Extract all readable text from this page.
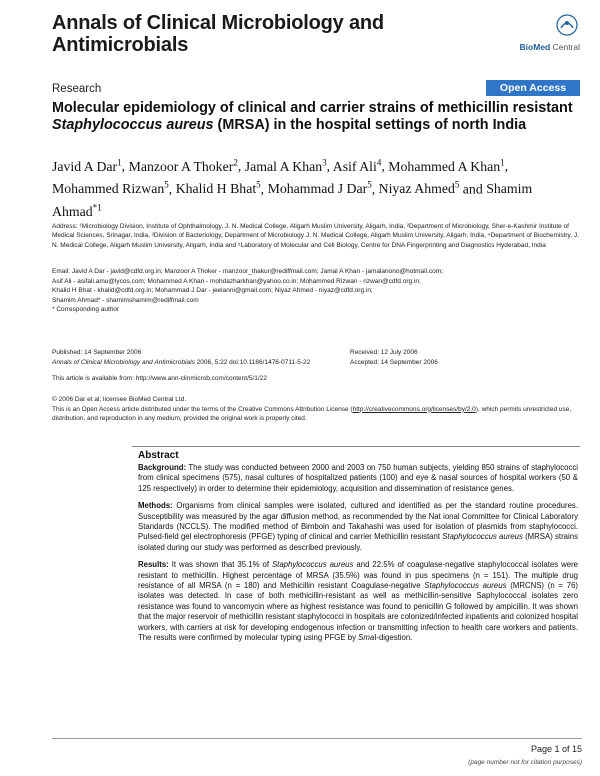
Annals of Clinical Microbiology and Antimicrobials	BioMed Central
Research	Open Access
Molecular epidemiology of clinical and carrier strains of methicillin resistant Staphylococcus aureus (MRSA) in the hospital settings of north India
Javid A Dar$^1$, Manzoor A Thoker$^2$, Jamal A Khan$^3$, Asif Ali$^4$, Mohammed A Khan$^1$, Mohammed Rizwan$^5$, Khalid H Bhat$^5$, Mohammad J Dar$^5$, Niyaz Ahmed$^5$ and Shamim Ahmad$^{*1}$
Address: ¹Microbiology Division, Institute of Ophthalmology, J. N. Medical College, Aligarh Muslim University, Aligarh, India, ²Department of Microbiology, Sher-e-Kashmir Institute of Medical Sciences, Srinagar, India, ³Division of Bacteriology, Department of Microbiology J. N. Medical College, Aligarh Muslim University, Aligarh, India, ⁴Department of Biochemistry, J. N. Medical College, Aligarh Muslim University, Aligarh, India and ⁵Laboratory of Molecular and Cell Biology, Centre for DNA Fingerprinting and Diagnostics Hyderabad, India
Email: Javid A Dar - javid@cdfd.org.in; Manzoor A Thoker - manzoor_thakur@rediffmail.com; Jamal A Khan - jamalanono@hotmail.com;
Asif Ali - asifali.amu@lycos.com; Mohammed A Khan - mohdazharkhan@yahoo.co.in; Mohammed Rizwan - rizwan@cdfd.org.in;
Khalid H Bhat - khalid@cdfd.org.in; Mohammad J Dar - jeelanni@gmail.com; Niyaz Ahmed - niyaz@cdfd.org.in;
Shamim Ahmad* - shamimshamim@rediffmail.com
* Corresponding author
Published: 14 September 2006
Annals of Clinical Microbiology and Antimicrobials 2006, 5:22 doi:10.1186/1476-0711-5-22
This article is available from: http://www.ann-clinmicrob.com/content/5/1/22
Received: 12 July 2006
Accepted: 14 September 2006
© 2006 Dar et al; licensee BioMed Central Ltd.
This is an Open Access article distributed under the terms of the Creative Commons Attribution License (http://creativecommons.org/licenses/by/2.0), which permits unrestricted use, distribution, and reproduction in any medium, provided the original work is properly cited.
Abstract

Background: The study was conducted between 2000 and 2003 on 750 human subjects, yielding 850 strains of staphylococci from clinical specimens (575), nasal cultures of hospitalized patients (100) and eye & nasal sources of hospital workers (50 & 125 respectively) in order to determine their epidemiology, acquisition and dissemination of resistance genes.

Methods: Organisms from clinical samples were isolated, cultured and identified as per the standard routine procedures. Susceptibility was measured by the agar diffusion method, as recommended by the Nat ional Committee for Clinical Laboratory Standards (NCCLS). The modified method of Bimboin and Takahashi was used for isolation of plasmids from staphylococci. Pulsed-field gel electrophoresis (PFGE) typing of clinical and carrier Methicillin resistant Staphylococcus aureus (MRSA) strains isolated during our study was performed as described previously.

Results: It was shown that 35.1% of Staphylococcus aureus and 22.5% of coagulase-negative staphylococcal isolates were resistant to methicillin. Highest percentage of MRSA (35.5%) was found in pus specimens (n = 151). The multiple drug resistance of all MRSA (n = 180) and Methicillin resistant Coagulase-negative Staphylococcus aureus (MRCNS) (n = 76) isolates was detected. In case of both methicillin-resistant as well as methicillin-sensitive Saphylococcal isolates zero resistance was found to vancomycin where as highest resistance was found to penicillin G followed by ampicillin. It was shown that the major reservoir of methicillin resistant staphylococci in hospitals are colonized/infected inpatients and colonized hospital workers, with carriers at risk for developing endogenous infection or transmitting infection to health care workers and patients. The results were confirmed by molecular typing using PFGE by SmaI-digestion.

Page 1 of 15
(page number not for citation purposes)
